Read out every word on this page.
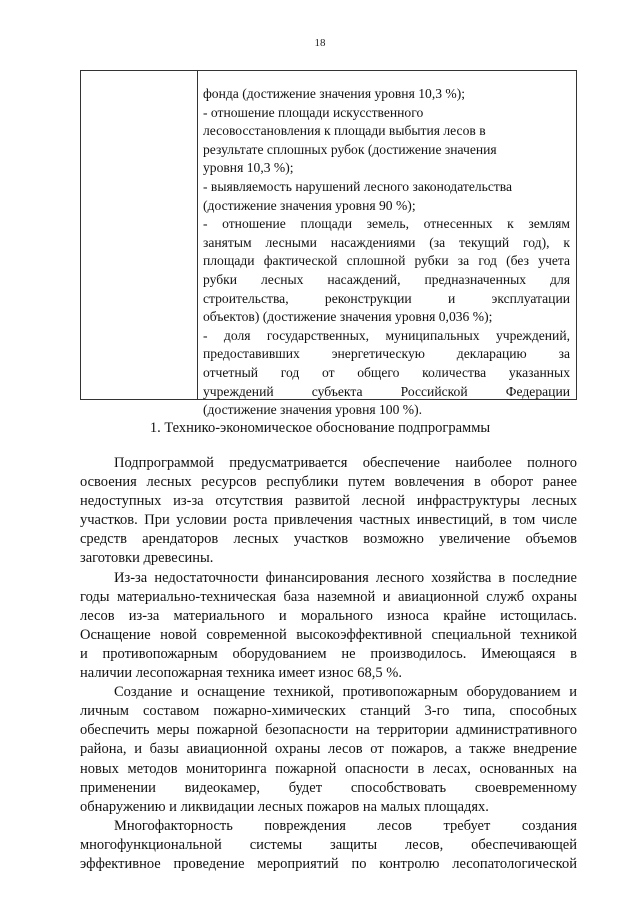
18
фонда (достижение значения уровня 10,3 %);
- отношение площади искусственного
лесовосстановления к площади выбытия лесов в
результате сплошных рубок (достижение значения
уровня 10,3 %);
- выявляемость нарушений лесного законодательства
(достижение значения уровня 90 %);
- отношение площади земель, отнесенных к землям
занятым лесными насаждениями (за текущий год), к
площади фактической сплошной рубки за год (без учета
рубки лесных насаждений, предназначенных для
строительства, реконструкции и эксплуатации
объектов) (достижение значения уровня 0,036 %);
- доля государственных, муниципальных учреждений,
предоставивших энергетическую декларацию за
отчетный год от общего количества указанных
учреждений субъекта Российской Федерации
(достижение значения уровня 100 %).
1. Технико-экономическое обоснование подпрограммы
Подпрограммой предусматривается обеспечение наиболее полного
освоения лесных ресурсов республики путем вовлечения в оборот ранее
недоступных из-за отсутствия развитой лесной инфраструктуры лесных
участков. При условии роста привлечения частных инвестиций, в том числе
средств арендаторов лесных участков возможно увеличение объемов
заготовки древесины.
Из-за недостаточности финансирования лесного хозяйства в последние
годы материально-техническая база наземной и авиационной служб охраны
лесов из-за материального и морального износа крайне истощилась.
Оснащение новой современной высокоэффективной специальной техникой
и противопожарным оборудованием не производилось. Имеющаяся в
наличии лесопожарная техника имеет износ 68,5 %.
Создание и оснащение техникой, противопожарным оборудованием и
личным составом пожарно-химических станций 3-го типа, способных
обеспечить меры пожарной безопасности на территории административного
района, и базы авиационной охраны лесов от пожаров, а также внедрение
новых методов мониторинга пожарной опасности в лесах, основанных на
применении видеокамер, будет способствовать своевременному
обнаружению и ликвидации лесных пожаров на малых площадях.
Многофакторность повреждения лесов требует создания
многофункциональной системы защиты лесов, обеспечивающей
эффективное проведение мероприятий по контролю лесопатологической
